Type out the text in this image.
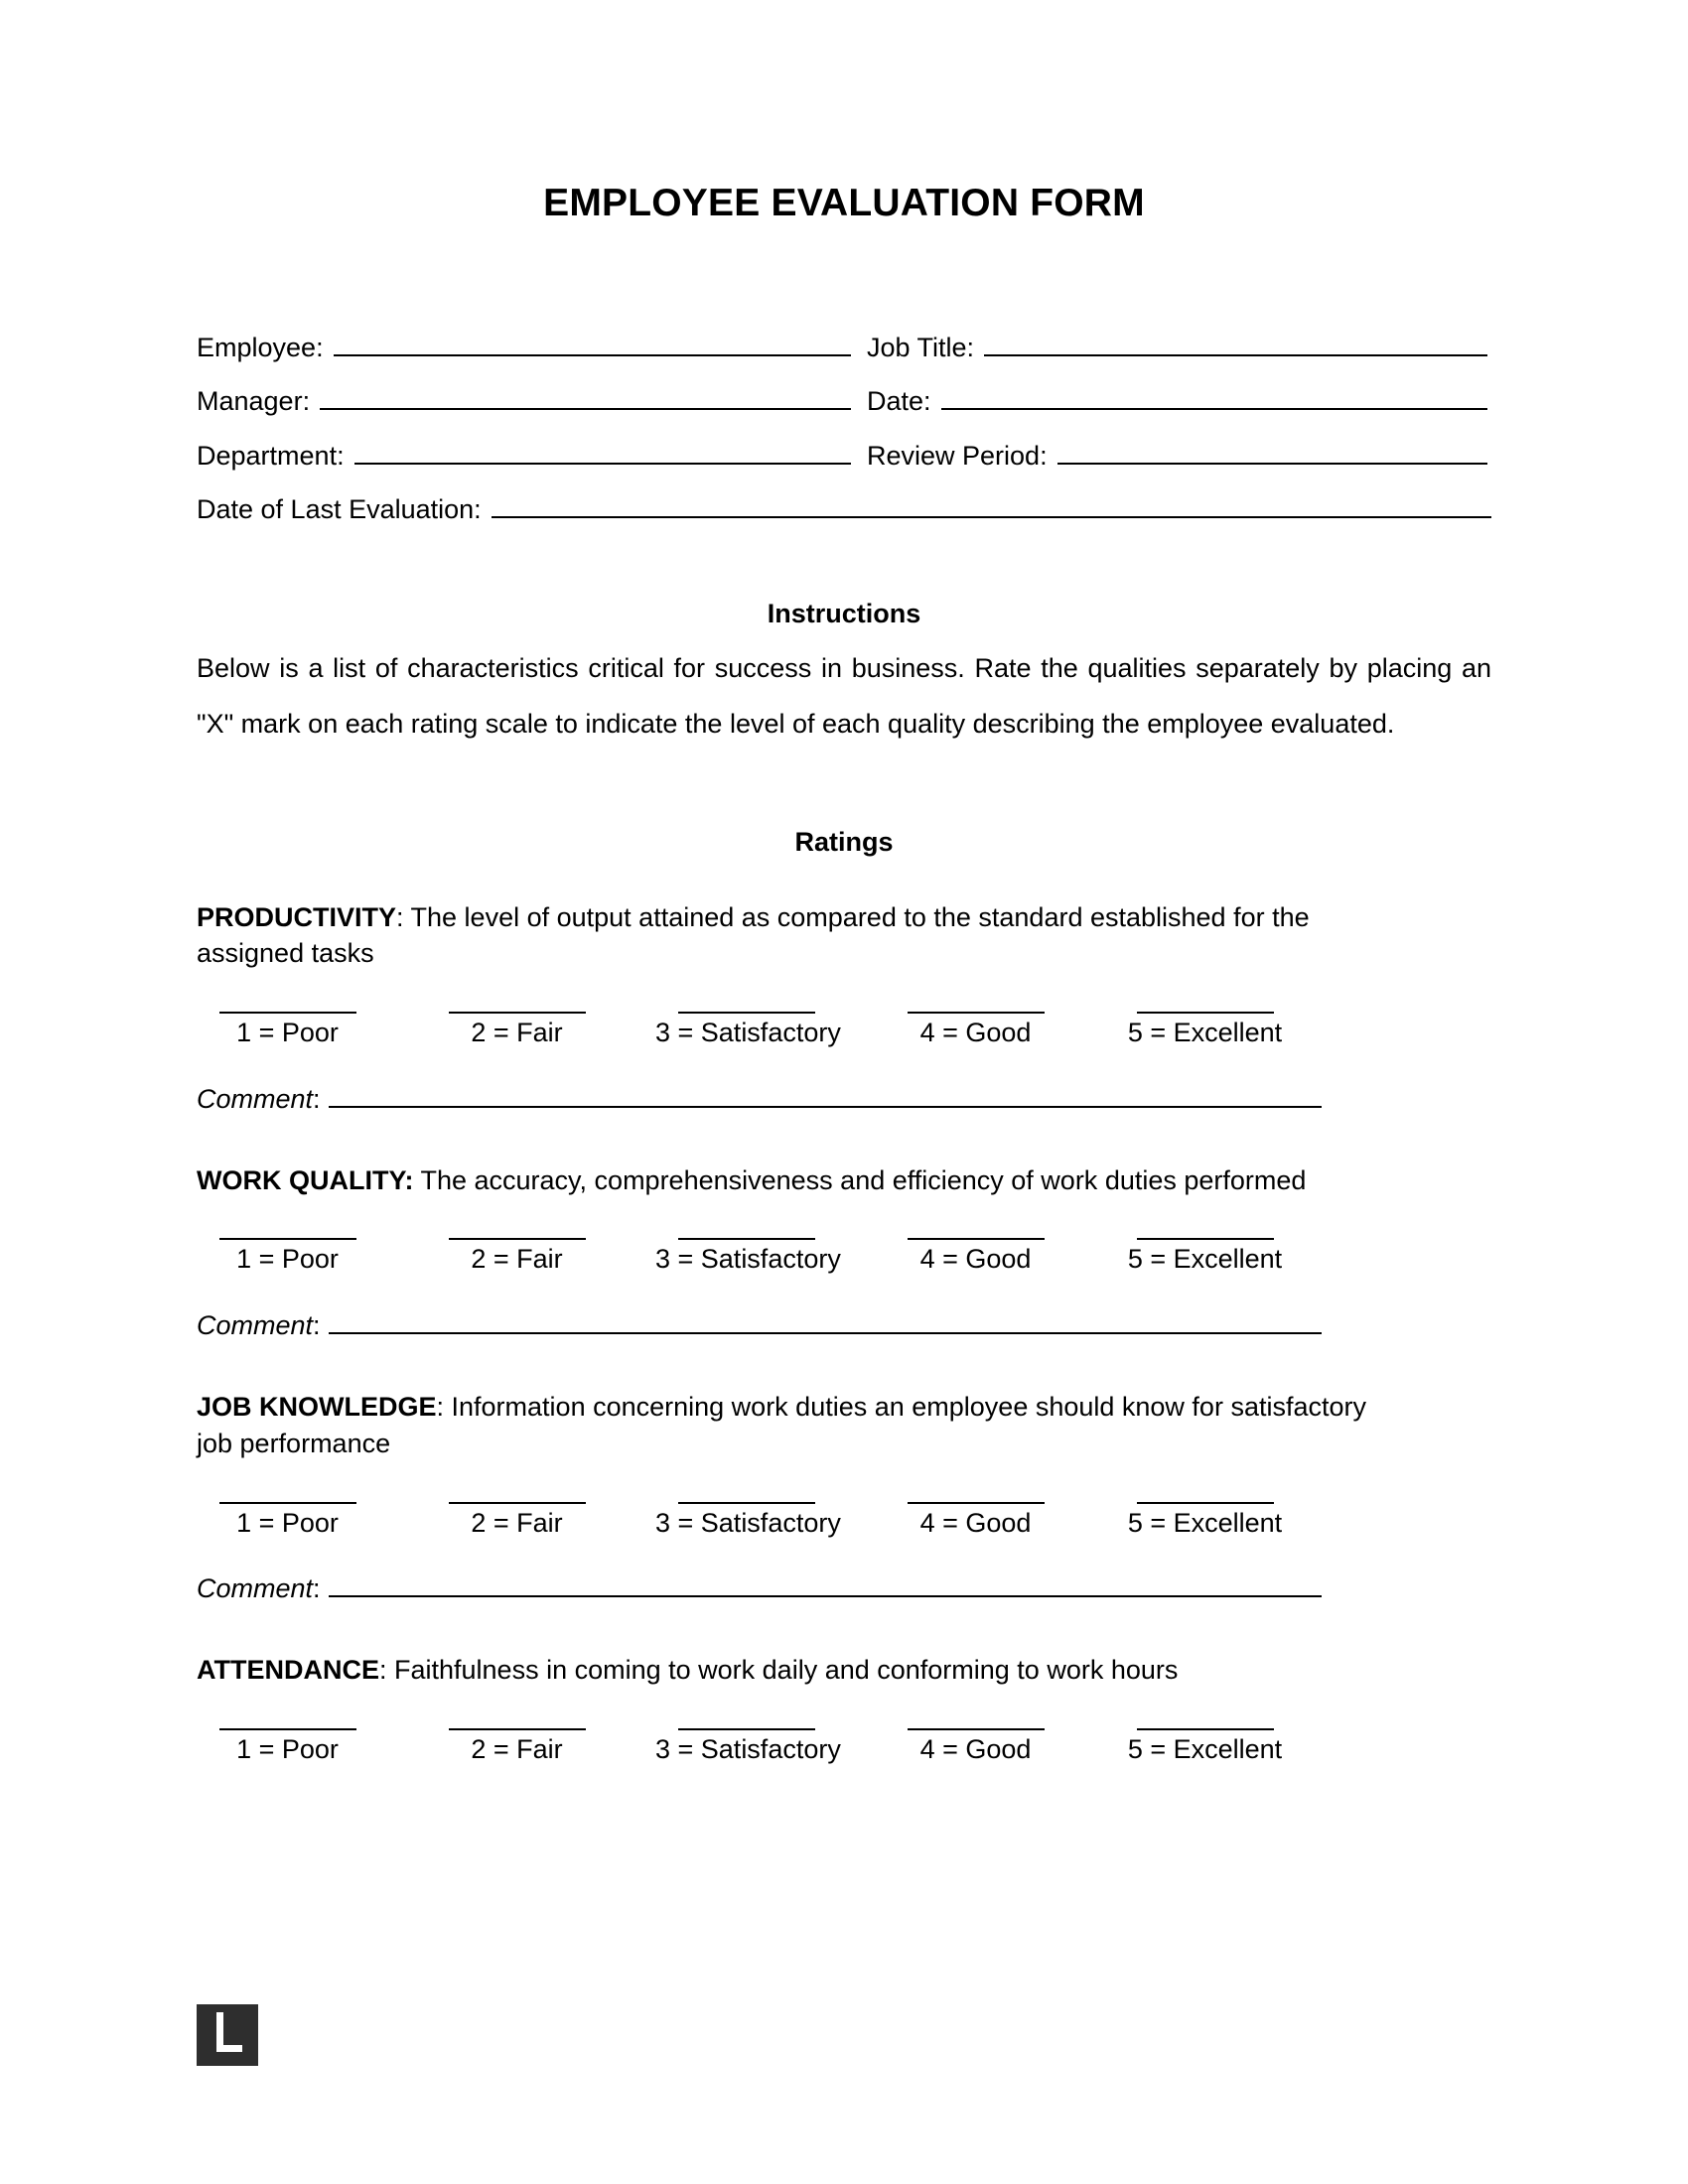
EMPLOYEE EVALUATION FORM
Employee:	Job Title:
Manager:	Date:
Department:	Review Period:
Date of Last Evaluation:
Instructions

Below is a list of characteristics critical for success in business. Rate the qualities separately by placing an "X" mark on each rating scale to indicate the level of each quality describing the employee evaluated.

Ratings

PRODUCTIVITY: The level of output attained as compared to the standard established for the assigned tasks

1 = Poor	2 = Fair	3 = Satisfactory	4 = Good	5 = Excellent
Comment:

WORK QUALITY: The accuracy, comprehensiveness and efficiency of work duties performed

1 = Poor	2 = Fair	3 = Satisfactory	4 = Good	5 = Excellent
Comment:

JOB KNOWLEDGE: Information concerning work duties an employee should know for satisfactory job performance

1 = Poor	2 = Fair	3 = Satisfactory	4 = Good	5 = Excellent
Comment:

ATTENDANCE: Faithfulness in coming to work daily and conforming to work hours

1 = Poor	2 = Fair	3 = Satisfactory	4 = Good	5 = Excellent
